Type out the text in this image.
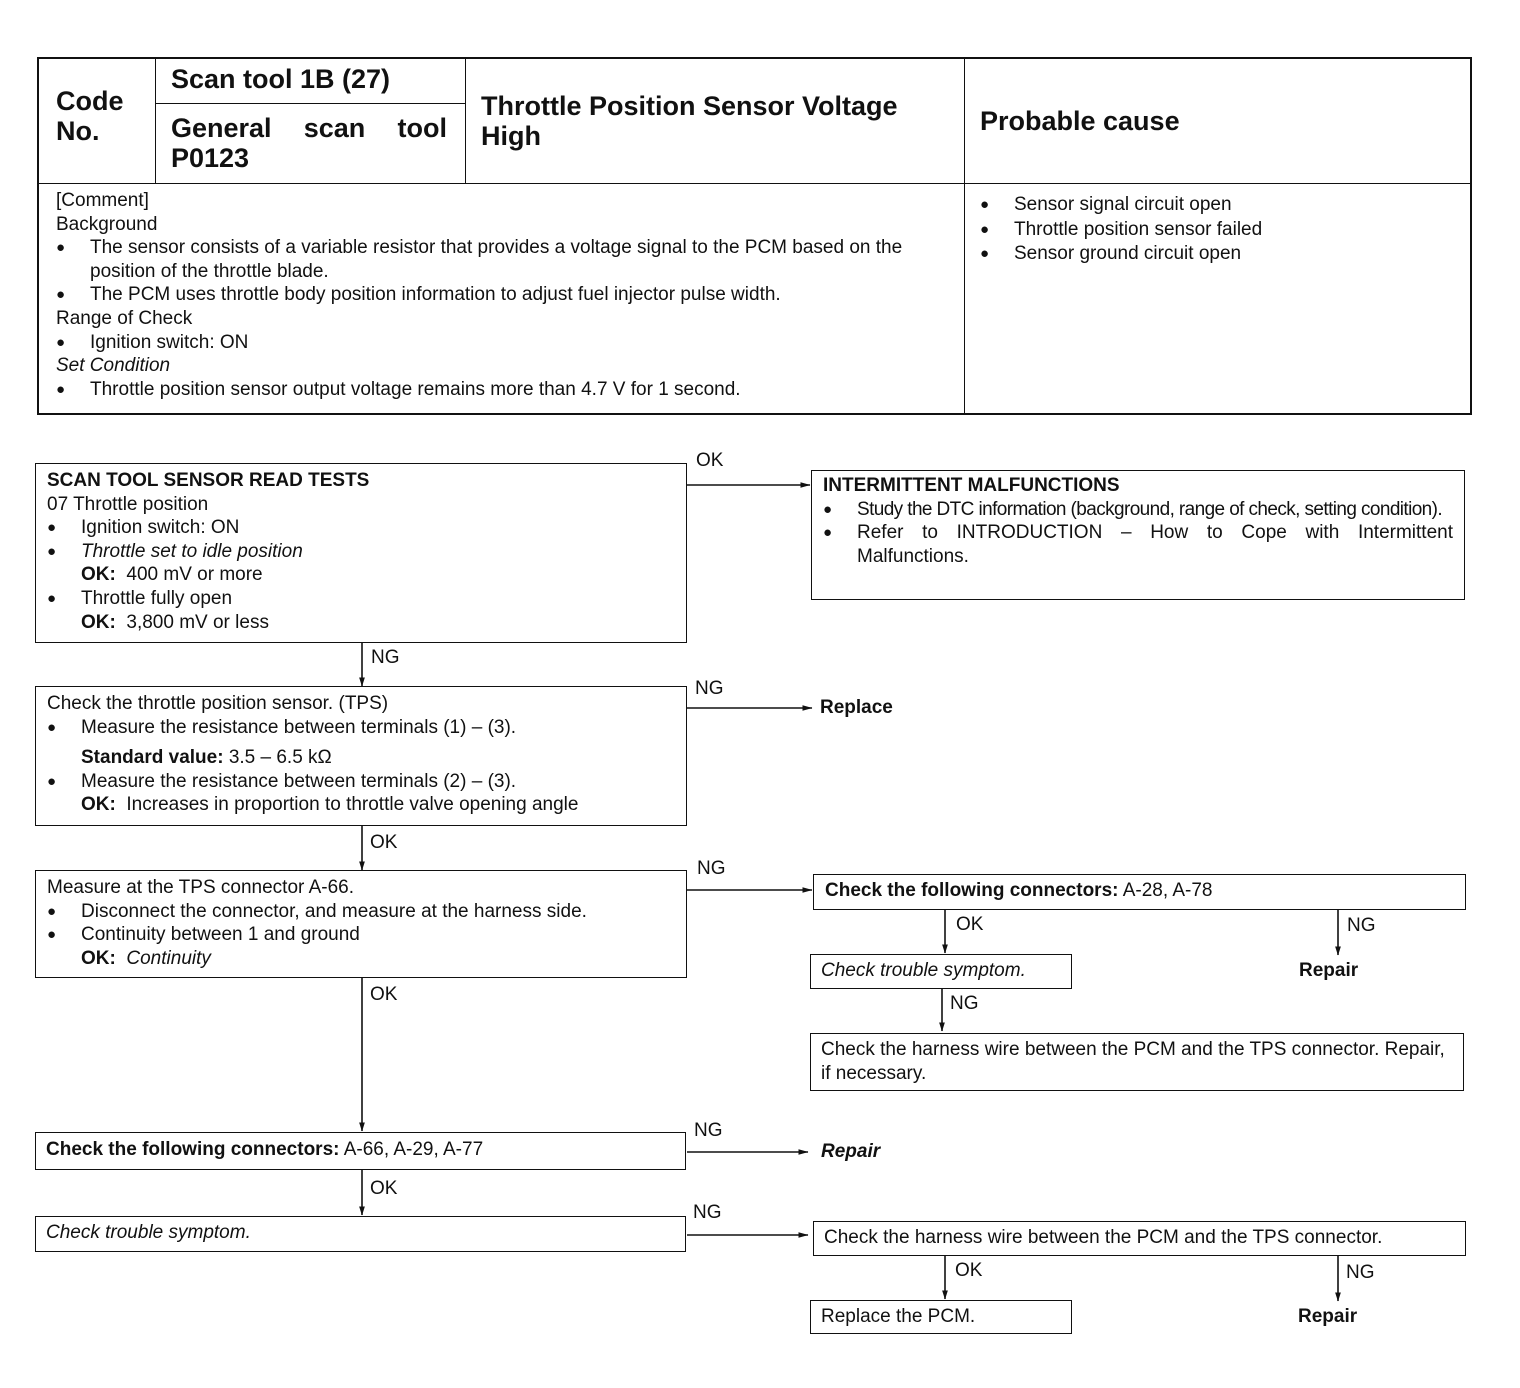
Code No.
Scan tool 1B (27)
General scan tool P0123
Throttle Position Sensor Voltage High	Probable cause
[Comment]
Background
● The sensor consists of a variable resistor that provides a voltage signal to the PCM based on the position of the throttle blade.
● The PCM uses throttle body position information to adjust fuel injector pulse width.
Range of Check
● Ignition switch: ON
Set Condition
● Throttle position sensor output voltage remains more than 4.7 V for 1 second.
● Sensor signal circuit open
● Throttle position sensor failed
● Sensor ground circuit open
OK
NG
NG
OK
NG
OK	NG
NG
OK
NG
OK
NG
OK	NG
Replace
Repair
Repair
Repair
SCAN TOOL SENSOR READ TESTS
07 Throttle position
● Ignition switch: ON
● Throttle set to idle position
OK: 400 mV or more
● Throttle fully open
OK: 3,800 mV or less
INTERMITTENT MALFUNCTIONS
● Study the DTC information (background, range of check, setting condition).
● Refer to INTRODUCTION – How to Cope with Intermittent Malfunctions.
Check the throttle position sensor. (TPS)
● Measure the resistance between terminals (1) – (3).
Standard value: 3.5 – 6.5 kΩ
● Measure the resistance between terminals (2) – (3).
OK: Increases in proportion to throttle valve opening angle
Measure at the TPS connector A-66.
● Disconnect the connector, and measure at the harness side.
● Continuity between 1 and ground
OK: Continuity
Check the following connectors: A-28, A-78
Check trouble symptom.
Check the harness wire between the PCM and the TPS connector. Repair, if necessary.
Check the following connectors: A-66, A-29, A-77
Check trouble symptom.	Check the harness wire between the PCM and the TPS connector.
Replace the PCM.
